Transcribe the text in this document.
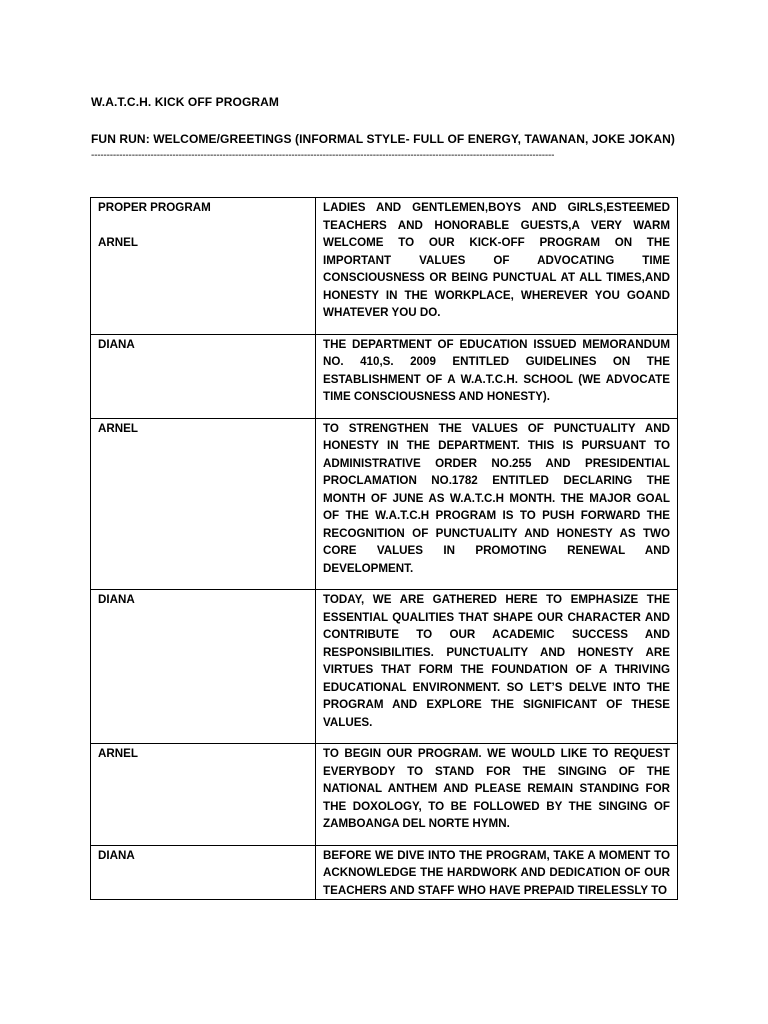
W.A.T.C.H. KICK OFF PROGRAM
FUN RUN: WELCOME/GREETINGS (INFORMAL STYLE- FULL OF ENERGY, TAWANAN, JOKE JOKAN)
----------------------------------------------------------------------------------------------------------------------------------------------------
PROPER PROGRAM
ARNEL	LADIES AND GENTLEMEN,BOYS AND GIRLS,ESTEEMED TEACHERS AND HONORABLE GUESTS,A VERY WARM WELCOME TO OUR KICK-OFF PROGRAM ON THE IMPORTANT VALUES OF ADVOCATING TIME CONSCIOUSNESS OR BEING PUNCTUAL AT ALL TIMES,AND HONESTY IN THE WORKPLACE, WHEREVER YOU GOAND WHATEVER YOU DO.

DIANA	THE DEPARTMENT OF EDUCATION ISSUED MEMORANDUM NO. 410,S. 2009 ENTITLED GUIDELINES ON THE ESTABLISHMENT OF A W.A.T.C.H. SCHOOL (WE ADVOCATE TIME CONSCIOUSNESS AND HONESTY).

ARNEL	TO STRENGTHEN THE VALUES OF PUNCTUALITY AND HONESTY IN THE DEPARTMENT. THIS IS PURSUANT TO ADMINISTRATIVE ORDER NO.255 AND PRESIDENTIAL PROCLAMATION NO.1782 ENTITLED DECLARING THE MONTH OF JUNE AS W.A.T.C.H MONTH. THE MAJOR GOAL OF THE W.A.T.C.H PROGRAM IS TO PUSH FORWARD THE RECOGNITION OF PUNCTUALITY AND HONESTY AS TWO CORE VALUES IN PROMOTING RENEWAL AND DEVELOPMENT.

DIANA	TODAY, WE ARE GATHERED HERE TO EMPHASIZE THE ESSENTIAL QUALITIES THAT SHAPE OUR CHARACTER AND CONTRIBUTE TO OUR ACADEMIC SUCCESS AND RESPONSIBILITIES. PUNCTUALITY AND HONESTY ARE VIRTUES THAT FORM THE FOUNDATION OF A THRIVING EDUCATIONAL ENVIRONMENT. SO LET’S DELVE INTO THE PROGRAM AND EXPLORE THE SIGNIFICANT OF THESE VALUES.

ARNEL	TO BEGIN OUR PROGRAM. WE WOULD LIKE TO REQUEST EVERYBODY TO STAND FOR THE SINGING OF THE NATIONAL ANTHEM AND PLEASE REMAIN STANDING FOR THE DOXOLOGY, TO BE FOLLOWED BY THE SINGING OF ZAMBOANGA DEL NORTE HYMN.

DIANA	BEFORE WE DIVE INTO THE PROGRAM, TAKE A MOMENT TO ACKNOWLEDGE THE HARDWORK AND DEDICATION OF OUR TEACHERS AND STAFF WHO HAVE PREPAID TIRELESSLY TO
